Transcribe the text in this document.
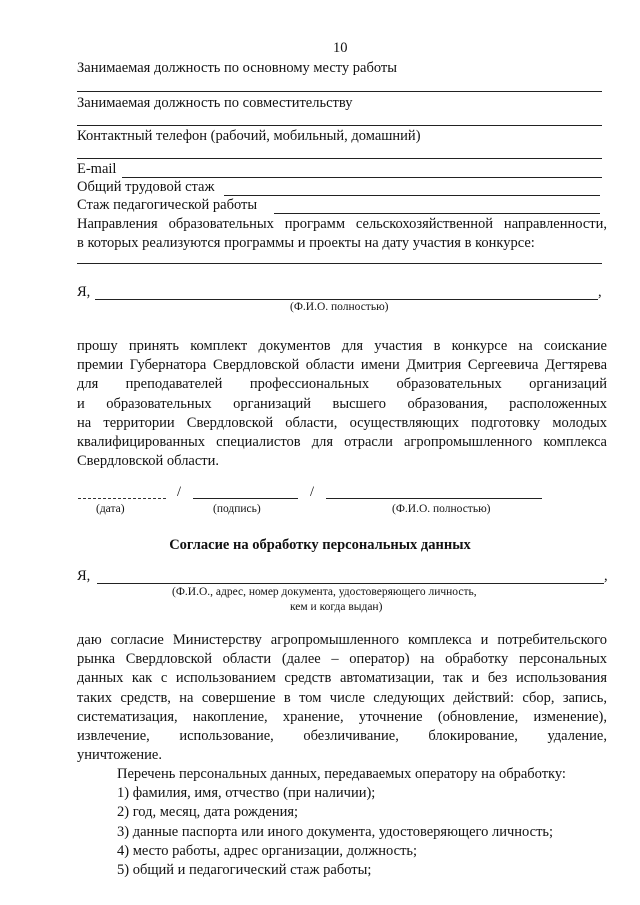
10
Занимаемая должность по основному месту работы
Занимаемая должность по совместительству
Контактный телефон (рабочий, мобильный, домашний)
E-mail
Общий трудовой стаж
Стаж педагогической работы
Направления образовательных программ сельскохозяйственной направленности,
в которых реализуются программы и проекты на дату участия в конкурсе:
Я,	,
(Ф.И.О. полностью)
прошу принять комплект документов для участия в конкурсе на соискание
премии Губернатора Свердловской области имени Дмитрия Сергеевича Дегтярева
для преподавателей профессиональных образовательных организаций
и образовательных организаций высшего образования, расположенных
на территории Свердловской области, осуществляющих подготовку молодых
квалифицированных специалистов для отрасли агропромышленного комплекса
Свердловской области.
/	/
(дата)	(подпись)	(Ф.И.О. полностью)
Согласие на обработку персональных данных
Я,	,
(Ф.И.О., адрес, номер документа, удостоверяющего личность,
кем и когда выдан)
даю согласие Министерству агропромышленного комплекса и потребительского
рынка Свердловской области (далее – оператор) на обработку персональных
данных как с использованием средств автоматизации, так и без использования
таких средств, на совершение в том числе следующих действий: сбор, запись,
систематизация, накопление, хранение, уточнение (обновление, изменение),
извлечение, использование, обезличивание, блокирование, удаление,
уничтожение.
Перечень персональных данных, передаваемых оператору на обработку:
1) фамилия, имя, отчество (при наличии);
2) год, месяц, дата рождения;
3) данные паспорта или иного документа, удостоверяющего личность;
4) место работы, адрес организации, должность;
5) общий и педагогический стаж работы;
